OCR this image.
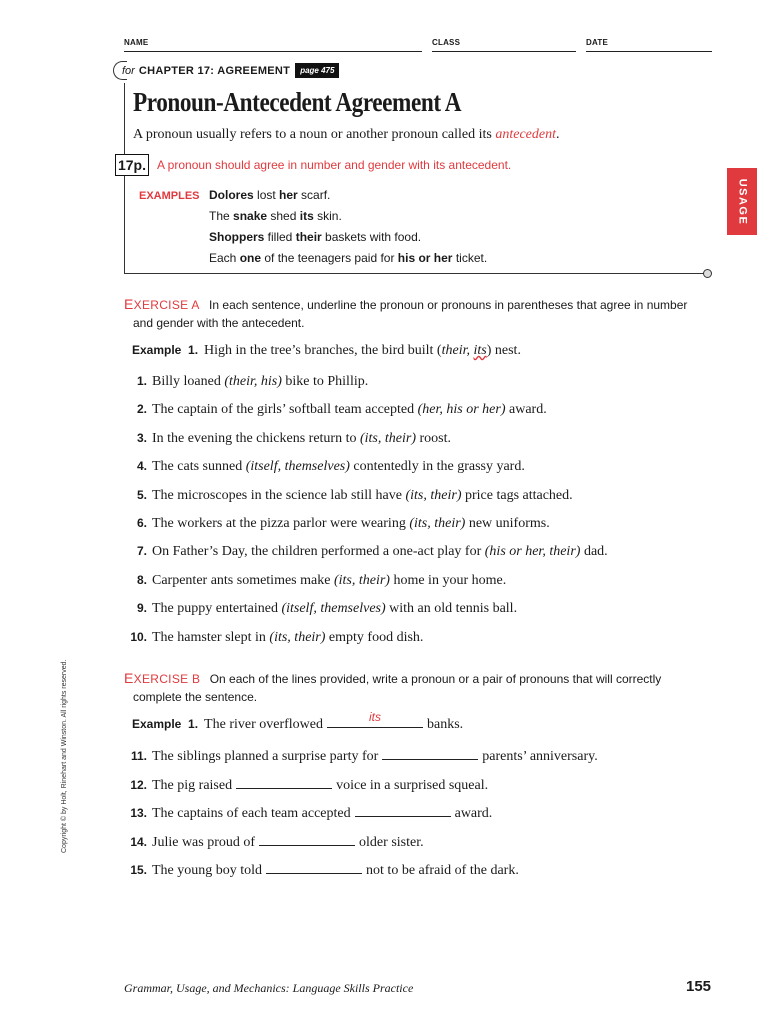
NAME	CLASS	DATE
for CHAPTER 17: AGREEMENT	page 475
Pronoun-Antecedent Agreement A

A pronoun usually refers to a noun or another pronoun called its antecedent.

17p. A pronoun should agree in number and gender with its antecedent.
EXAMPLES Dolores lost her scarf.
The snake shed its skin.
Shoppers filled their baskets with food.
Each one of the teenagers paid for his or her ticket.
USAGE
EXERCISE A In each sentence, underline the pronoun or pronouns in parentheses that agree in number
and gender with the antecedent.
Example 1. High in the tree’s branches, the bird built (their, its) nest.
1. Billy loaned (their, his) bike to Phillip.
2. The captain of the girls’ softball team accepted (her, his or her) award.
3. In the evening the chickens return to (its, their) roost.
4. The cats sunned (itself, themselves) contentedly in the grassy yard.
5. The microscopes in the science lab still have (its, their) price tags attached.
6. The workers at the pizza parlor were wearing (its, their) new uniforms.
7. On Father’s Day, the children performed a one-act play for (his or her, their) dad.
8. Carpenter ants sometimes make (its, their) home in your home.
9. The puppy entertained (itself, themselves) with an old tennis ball.
10. The hamster slept in (its, their) empty food dish.
EXERCISE B On each of the lines provided, write a pronoun or a pair of pronouns that will correctly
complete the sentence.
Example 1. The river overflowed	its	banks.
11. The siblings planned a surprise party for	parents’ anniversary.
12. The pig raised	voice in a surprised squeal.
13. The captains of each team accepted	award.
14. Julie was proud of	older sister.
15. The young boy told	not to be afraid of the dark.
Copyright © by Holt, Rinehart and Winston. All rights reserved.
Grammar, Usage, and Mechanics: Language Skills Practice	155
